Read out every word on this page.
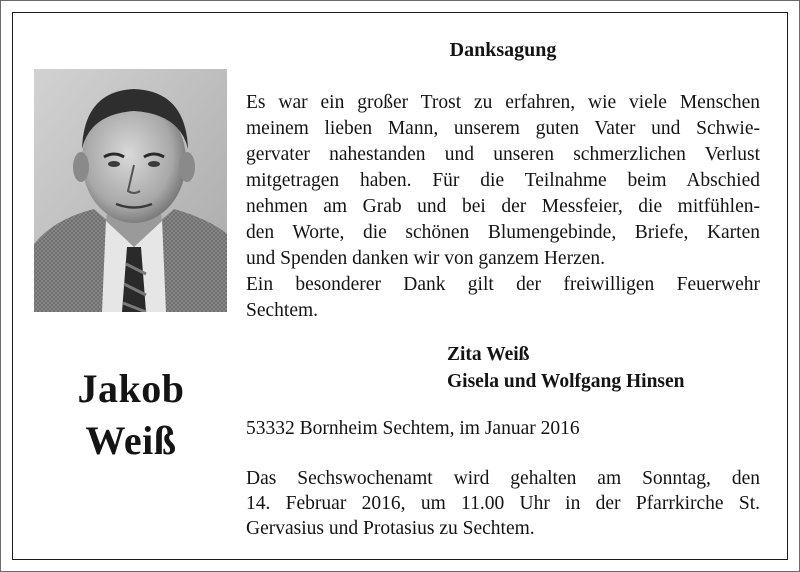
Jakob
Weiß
Danksagung
Es war ein großer Trost zu erfahren, wie viele Menschen
meinem lieben Mann, unserem guten Vater und Schwie-
gervater nahestanden und unseren schmerzlichen Verlust
mitgetragen haben. Für die Teilnahme beim Abschied
nehmen am Grab und bei der Messfeier, die mitfühlen-
den Worte, die schönen Blumengebinde, Briefe, Karten
und Spenden danken wir von ganzem Herzen.
Ein besonderer Dank gilt der freiwilligen Feuerwehr
Sechtem.
Zita Weiß
Gisela und Wolfgang Hinsen
53332 Bornheim Sechtem, im Januar 2016
Das Sechswochenamt wird gehalten am Sonntag, den
14. Februar 2016, um 11.00 Uhr in der Pfarrkirche St.
Gervasius und Protasius zu Sechtem.
